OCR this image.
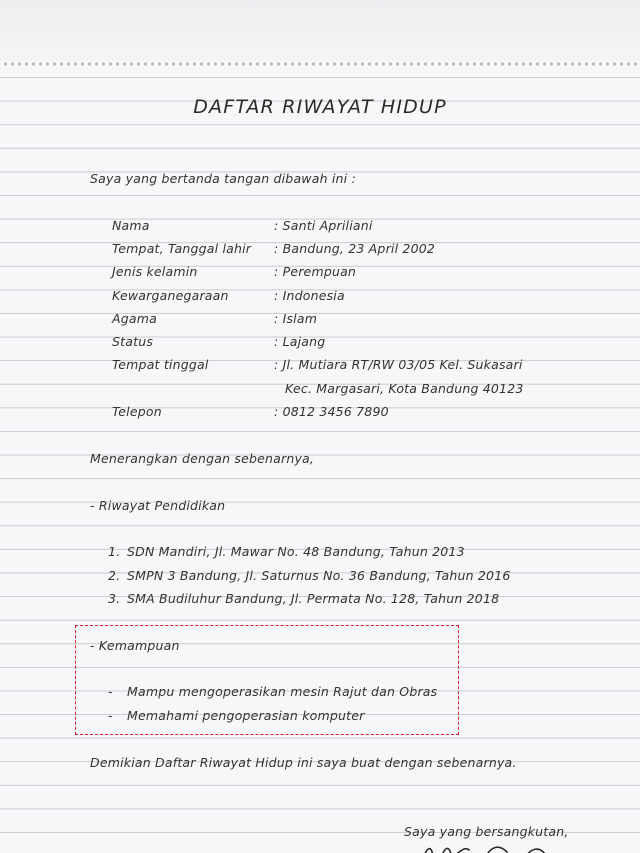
DAFTAR RIWAYAT HIDUP
Saya yang bertanda tangan dibawah ini :
Nama	: Santi Apriliani
Tempat, Tanggal lahir : Bandung, 23 April 2002
Jenis kelamin	: Perempuan
Kewarganegaraan	: Indonesia
Agama	: Islam
Status	: Lajang
Tempat tinggal	: Jl. Mutiara RT/RW 03/05 Kel. Sukasari
Kec. Margasari, Kota Bandung 40123
Telepon	: 0812 3456 7890
Menerangkan dengan sebenarnya,
- Riwayat Pendidikan
1. SDN Mandiri, Jl. Mawar No. 48 Bandung, Tahun 2013
2. SMPN 3 Bandung, Jl. Saturnus No. 36 Bandung, Tahun 2016
3. SMA Budiluhur Bandung, Jl. Permata No. 128, Tahun 2018
- Kemampuan
- Mampu mengoperasikan mesin Rajut dan Obras
- Memahami pengoperasian komputer
Demikian Daftar Riwayat Hidup ini saya buat dengan sebenarnya.
Saya yang bersangkutan,
